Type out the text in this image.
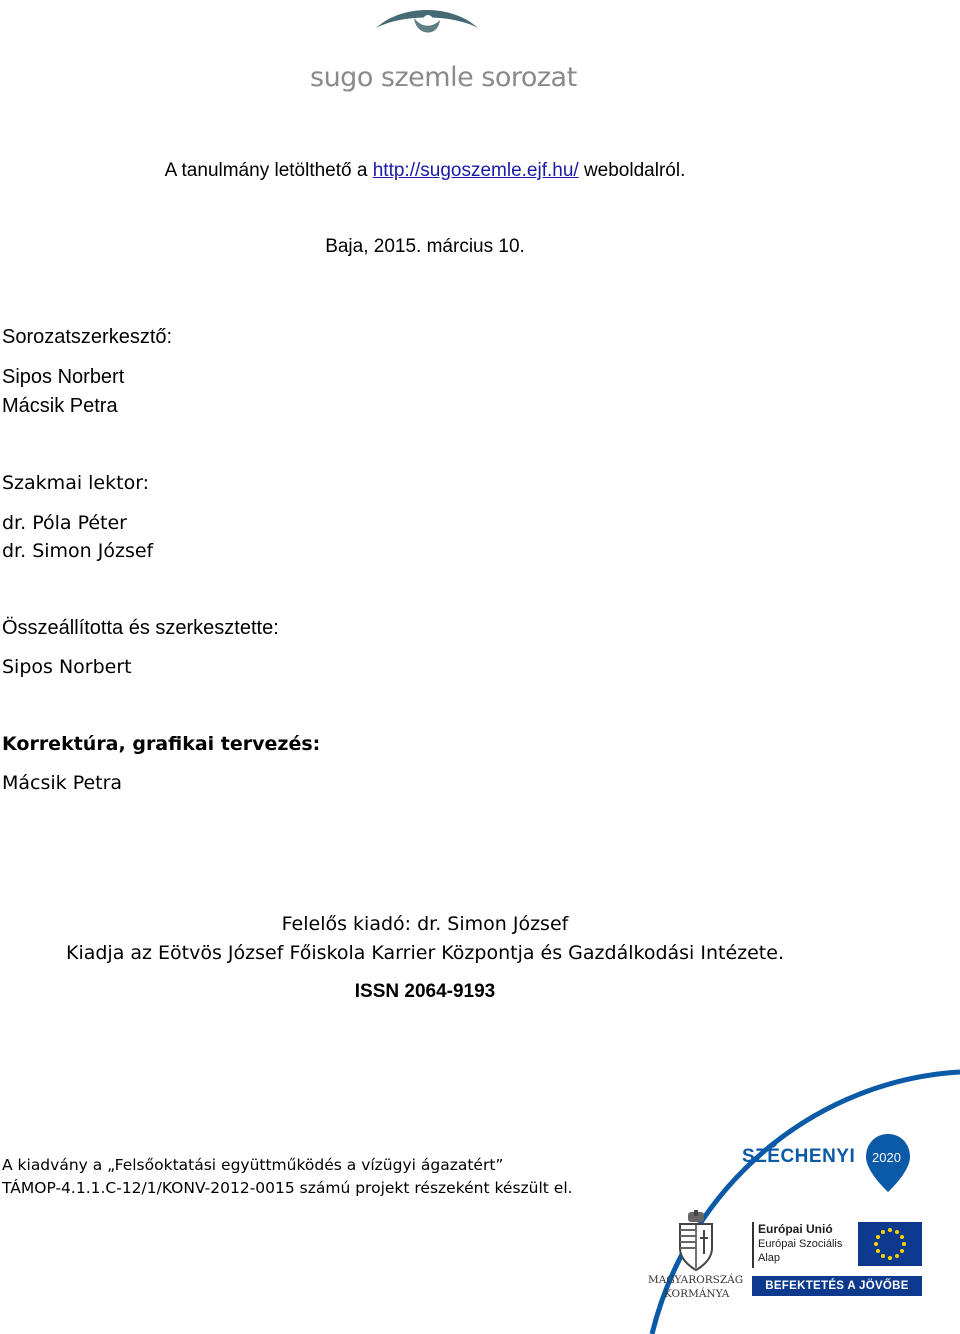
sugo szemle sorozat
A tanulmány letölthető a http://sugoszemle.ejf.hu/ weboldalról.
Baja, 2015. március 10.
Sorozatszerkesztő:
Sipos Norbert
Mácsik Petra
Szakmai lektor:
dr. Póla Péter
dr. Simon József
Összeállította és szerkesztette:
Sipos Norbert
Korrektúra, grafikai tervezés:
Mácsik Petra
Felelős kiadó: dr. Simon József
Kiadja az Eötvös József Főiskola Karrier Központja és Gazdálkodási Intézete.
ISSN 2064-9193
A kiadvány a „Felsőoktatási együttműködés a vízügyi ágazatért”
TÁMOP-4.1.1.C-12/1/KONV-2012-0015 számú projekt részeként készült el.
SZÉCHENYI 2020
MAGYARORSZÁG
KORMÁNYA
Európai Unió
Európai Szociális
Alap
BEFEKTETÉS A JÖVŐBE
